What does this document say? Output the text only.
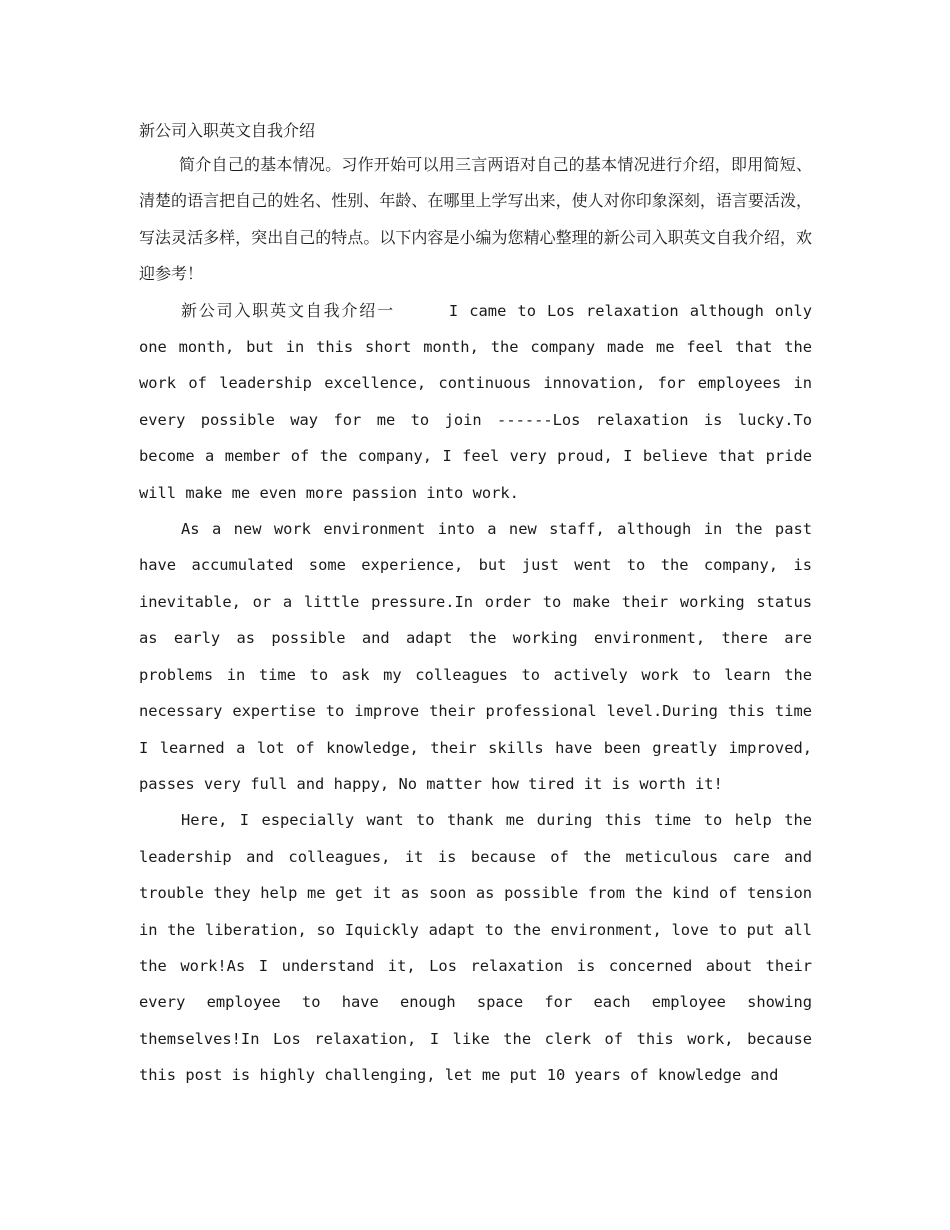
新公司入职英文自我介绍

简介自己的基本情况。习作开始可以用三言两语对自己的基本情况进行介绍，即用简短、清楚的语言把自己的姓名、性别、年龄、在哪里上学写出来，使人对你印象深刻，语言要活泼，写法灵活多样，突出自己的特点。以下内容是小编为您精心整理的新公司入职英文自我介绍，欢迎参考！

新公司入职英文自我介绍一	I came to Los relaxation although only one month, but in this short month, the company made me feel that the work of leadership excellence, continuous innovation, for employees in every possible way for me to join ------Los relaxation is lucky.To become a member of the company, I feel very proud, I believe that pride will make me even more passion into work.

As a new work environment into a new staff, although in the past have accumulated some experience, but just went to the company, is inevitable, or a little pressure.In order to make their working status as early as possible and adapt the working environment, there are problems in time to ask my colleagues to actively work to learn the necessary expertise to improve their professional level.During this time I learned a lot of knowledge, their skills have been greatly improved, passes very full and happy, No matter how tired it is worth it!

Here, I especially want to thank me during this time to help the leadership and colleagues, it is because of the meticulous care and trouble they help me get it as soon as possible from the kind of tension in the liberation, so Iquickly adapt to the environment, love to put all the work!As I understand it, Los relaxation is concerned about their every employee to have enough space for each employee showing themselves!In Los relaxation, I like the clerk of this work, because this post is highly challenging, let me put 10 years of knowledge and
